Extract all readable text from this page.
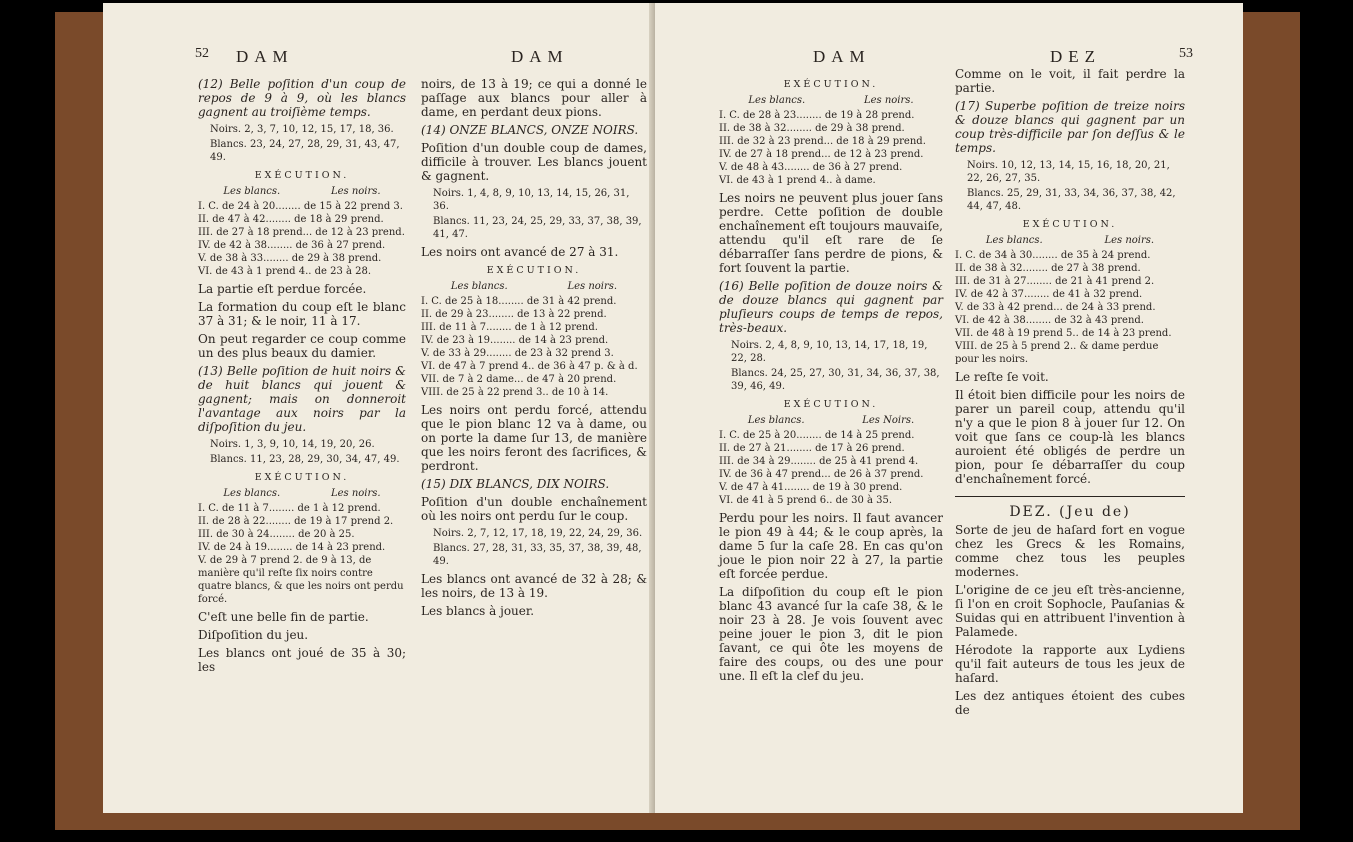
52 DAM	DAM
(12) Belle poſition d'un coup de repos de 9 à 9, où les blancs gagnent au troiſième temps.
Noirs. 2, 3, 7, 10, 12, 15, 17, 18, 36.
Blancs. 23, 24, 27, 28, 29, 31, 43, 47, 49.
EXÉCUTION.
Les blancs.	Les noirs.
I. C. de 24 à 20........ de 15 à 22 prend 3.
II. de 47 à 42........ de 18 à 29 prend.
III. de 27 à 18 prend... de 12 à 23 prend.
IV. de 42 à 38........ de 36 à 27 prend.
V. de 38 à 33........ de 29 à 38 prend.
VI. de 43 à 1 prend 4.. de 23 à 28.
La partie eſt perdue forcée.
La formation du coup eſt le blanc 37 à 31; & le noir, 11 à 17.
On peut regarder ce coup comme un des plus beaux du damier.
(13) Belle poſition de huit noirs & de huit blancs qui jouent & gagnent; mais on donneroit l'avantage aux noirs par la diſpoſition du jeu.
Noirs. 1, 3, 9, 10, 14, 19, 20, 26.
Blancs. 11, 23, 28, 29, 30, 34, 47, 49.
EXÉCUTION.
Les blancs.	Les noirs.
I. C. de 11 à 7........ de 1 à 12 prend.
II. de 28 à 22........ de 19 à 17 prend 2.
III. de 30 à 24........ de 20 à 25.
IV. de 24 à 19........ de 14 à 23 prend.
V. de 29 à 7 prend 2. de 9 à 13, de manière qu'il reſte ſix noirs contre quatre blancs, & que les noirs ont perdu forcé.
C'eſt une belle fin de partie.
Diſpoſition du jeu.
Les blancs ont joué de 35 à 30; les
noirs, de 13 à 19; ce qui a donné le paſſage aux blancs pour aller à dame, en perdant deux pions.
(14) ONZE BLANCS, ONZE NOIRS.
Poſition d'un double coup de dames, difficile à trouver. Les blancs jouent & gagnent.
Noirs. 1, 4, 8, 9, 10, 13, 14, 15, 26, 31, 36.
Blancs. 11, 23, 24, 25, 29, 33, 37, 38, 39, 41, 47.
Les noirs ont avancé de 27 à 31.
EXÉCUTION.
Les blancs.	Les noirs.
I. C. de 25 à 18........ de 31 à 42 prend.
II. de 29 à 23........ de 13 à 22 prend.
III. de 11 à 7........ de 1 à 12 prend.
IV. de 23 à 19........ de 14 à 23 prend.
V. de 33 à 29........ de 23 à 32 prend 3.
VI. de 47 à 7 prend 4.. de 36 à 47 p. & à d.
VII. de 7 à 2 dame... de 47 à 20 prend.
VIII. de 25 à 22 prend 3.. de 10 à 14.
Les noirs ont perdu forcé, attendu que le pion blanc 12 va à dame, ou on porte la dame ſur 13, de manière que les noirs feront des ſacrifices, & perdront.
(15) DIX BLANCS, DIX NOIRS.
Poſition d'un double enchaînement où les noirs ont perdu ſur le coup.
Noirs. 2, 7, 12, 17, 18, 19, 22, 24, 29, 36.
Blancs. 27, 28, 31, 33, 35, 37, 38, 39, 48, 49.
Les blancs ont avancé de 32 à 28; & les noirs, de 13 à 19.
Les blancs à jouer.
DAM	DEZ	53
EXÉCUTION.
Les blancs.	Les noirs.
I. C. de 28 à 23........ de 19 à 28 prend.
II. de 38 à 32........ de 29 à 38 prend.
III. de 32 à 23 prend... de 18 à 29 prend.
IV. de 27 à 18 prend... de 12 à 23 prend.
V. de 48 à 43........ de 36 à 27 prend.
VI. de 43 à 1 prend 4.. à dame.
Les noirs ne peuvent plus jouer ſans perdre. Cette poſition de double enchaînement eſt toujours mauvaiſe, attendu qu'il eſt rare de ſe débarraſſer ſans perdre de pions, & fort ſouvent la partie.
(16) Belle poſition de douze noirs & de douze blancs qui gagnent par pluſieurs coups de temps de repos, très-beaux.
Noirs. 2, 4, 8, 9, 10, 13, 14, 17, 18, 19, 22, 28.
Blancs. 24, 25, 27, 30, 31, 34, 36, 37, 38, 39, 46, 49.
EXÉCUTION.
Les blancs.	Les Noirs.
I. C. de 25 à 20........ de 14 à 25 prend.
II. de 27 à 21........ de 17 à 26 prend.
III. de 34 à 29........ de 25 à 41 prend 4.
IV. de 36 à 47 prend... de 26 à 37 prend.
V. de 47 à 41........ de 19 à 30 prend.
VI. de 41 à 5 prend 6.. de 30 à 35.
Perdu pour les noirs. Il faut avancer le pion 49 à 44; & le coup après, la dame 5 ſur la caſe 28. En cas qu'on joue le pion noir 22 à 27, la partie eſt forcée perdue.
La diſpoſition du coup eſt le pion blanc 43 avancé ſur la caſe 38, & le noir 23 à 28. Je vois ſouvent avec peine jouer le pion 3, dit le pion ſavant, ce qui ôte les moyens de faire des coups, ou des une pour une. Il eſt la clef du jeu.
Comme on le voit, il fait perdre la partie.
(17) Superbe poſition de treize noirs & douze blancs qui gagnent par un coup très-difficile par ſon deſſus & le temps.
Noirs. 10, 12, 13, 14, 15, 16, 18, 20, 21, 22, 26, 27, 35.
Blancs. 25, 29, 31, 33, 34, 36, 37, 38, 42, 44, 47, 48.
EXÉCUTION.
Les blancs.	Les noirs.
I. C. de 34 à 30........ de 35 à 24 prend.
II. de 38 à 32........ de 27 à 38 prend.
III. de 31 à 27........ de 21 à 41 prend 2.
IV. de 42 à 37........ de 41 à 32 prend.
V. de 33 à 42 prend... de 24 à 33 prend.
VI. de 42 à 38........ de 32 à 43 prend.
VII. de 48 à 19 prend 5.. de 14 à 23 prend.
VIII. de 25 à 5 prend 2.. & dame perdue pour les noirs.
Le reſte ſe voit.
Il étoit bien difficile pour les noirs de parer un pareil coup, attendu qu'il n'y a que le pion 8 à jouer ſur 12. On voit que ſans ce coup-là les blancs auroient été obligés de perdre un pion, pour ſe débarraſſer du coup d'enchaînement forcé.
DEZ. (Jeu de)
Sorte de jeu de haſard fort en vogue chez les Grecs & les Romains, comme chez tous les peuples modernes.
L'origine de ce jeu eſt très-ancienne, ſi l'on en croit Sophocle, Pauſanias & Suidas qui en attribuent l'invention à Palamede.
Hérodote la rapporte aux Lydiens qu'il fait auteurs de tous les jeux de haſard.
Les dez antiques étoient des cubes de
